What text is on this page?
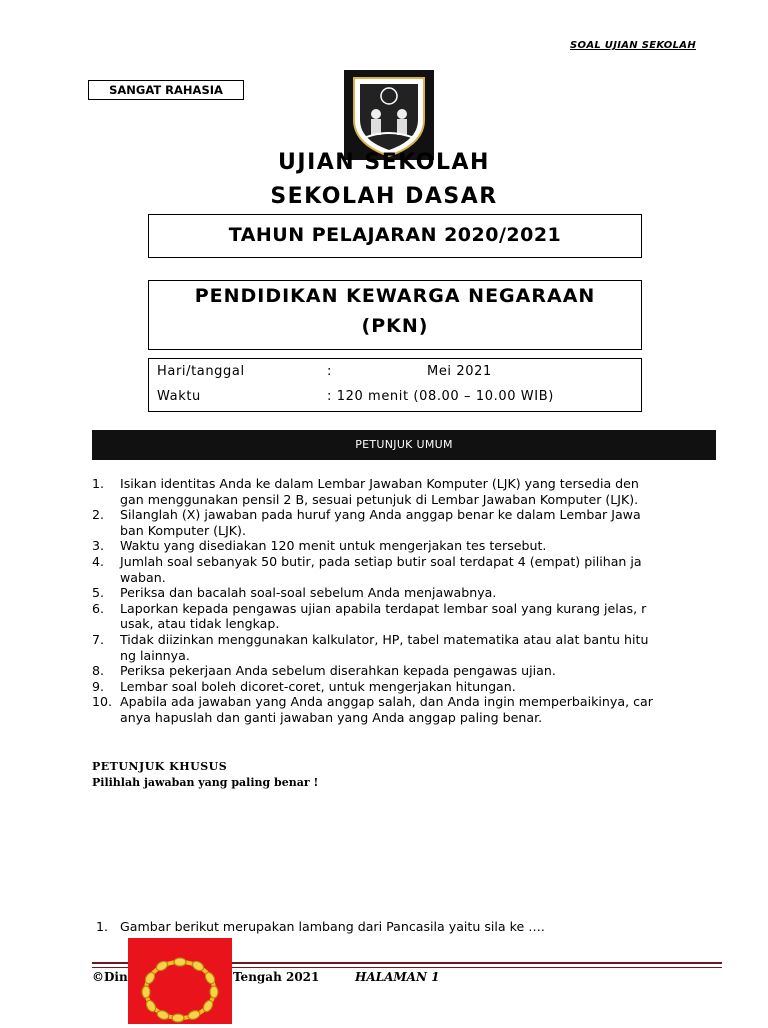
SOAL UJIAN SEKOLAH
SANGAT RAHASIA
UJIAN SEKOLAH
SEKOLAH DASAR
TAHUN PELAJARAN 2020/2021
PENDIDIKAN KEWARGA NEGARAAN
(PKN)
Hari/tanggal	:	Mei 2021
Waktu	: 120 menit (08.00 – 10.00 WIB)
PETUNJUK UMUM
1. Isikan identitas Anda ke dalam Lembar Jawaban Komputer (LJK) yang tersedia den
gan menggunakan pensil 2 B, sesuai petunjuk di Lembar Jawaban Komputer (LJK).
2. Silanglah (X) jawaban pada huruf yang Anda anggap benar ke dalam Lembar Jawa
ban Komputer (LJK).
3. Waktu yang disediakan 120 menit untuk mengerjakan tes tersebut.
4. Jumlah soal sebanyak 50 butir, pada setiap butir soal terdapat 4 (empat) pilihan ja
waban.
5. Periksa dan bacalah soal-soal sebelum Anda menjawabnya.
6. Laporkan kepada pengawas ujian apabila terdapat lembar soal yang kurang jelas, r
usak, atau tidak lengkap.
7. Tidak diizinkan menggunakan kalkulator, HP, tabel matematika atau alat bantu hitu
ng lainnya.
8. Periksa pekerjaan Anda sebelum diserahkan kepada pengawas ujian.
9. Lembar soal boleh dicoret-coret, untuk mengerjakan hitungan.
10. Apabila ada jawaban yang Anda anggap salah, dan Anda ingin memperbaikinya, car
anya hapuslah dan ganti jawaban yang Anda anggap paling benar.
PETUNJUK KHUSUS
Pilihlah jawaban yang paling benar !
1. Gambar berikut merupakan lambang dari Pancasila yaitu sila ke ….
©Din	Tengah 2021	HALAMAN 1
